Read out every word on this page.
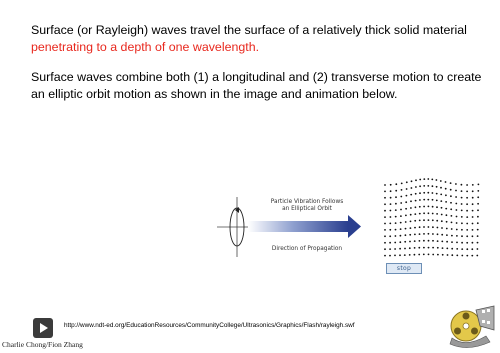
Surface (or Rayleigh) waves travel the surface of a relatively thick solid material penetrating to a depth of one wavelength.
Surface waves combine both (1) a longitudinal and (2) transverse motion to create an elliptic orbit motion as shown in the image and animation below.
Particle Vibration Follows
an Elliptical Orbit
Direction of Propagation
stop
http://www.ndt-ed.org/EducationResources/CommunityCollege/Ultrasonics/Graphics/Flash/rayleigh.swf
Charlie Chong/Fion Zhang
